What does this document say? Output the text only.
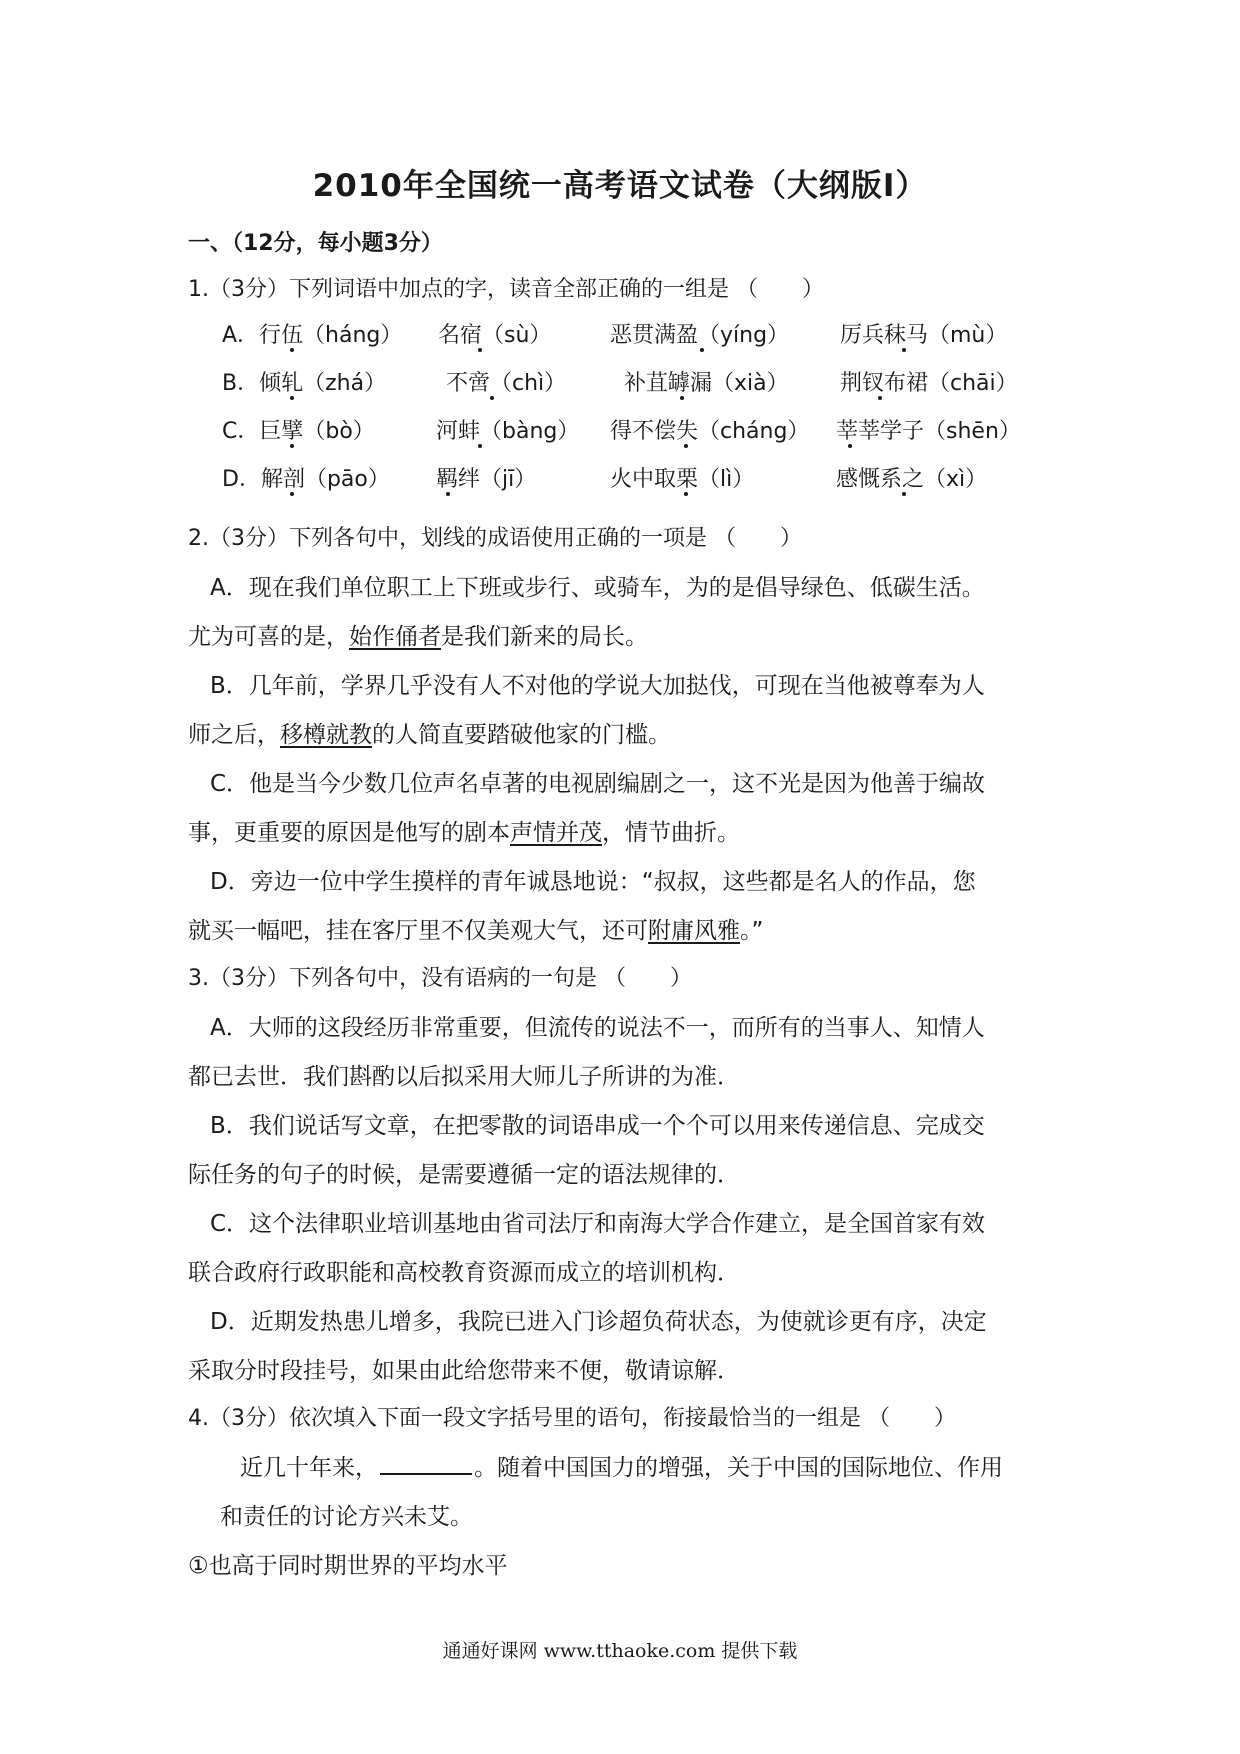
2010年全国统一高考语文试卷（大纲版Ⅰ）
一、（12分，每小题3分）
1.（3分）下列词语中加点的字，读音全部正确的一组是 （　　）
A．行伍（háng） 名宿（sù）	恶贯满盈（yíng） 厉兵秣马（mù）
B．倾轧（zhá）	不啻（chì）	补苴罅漏（xià） 荆钗布裙（chāi）
C．巨擘（bò）	河蚌（bàng） 得不偿失（cháng） 莘莘学子（shēn）
D．解剖（pāo） 羁绊（jī）	火中取栗（lì）	感慨系之（xì）
2.（3分）下列各句中，划线的成语使用正确的一项是 （　　）
A．现在我们单位职工上下班或步行、或骑车，为的是倡导绿色、低碳生活。
尤为可喜的是，始作俑者是我们新来的局长。
B．几年前，学界几乎没有人不对他的学说大加挞伐，可现在当他被尊奉为人
师之后，移樽就教的人简直要踏破他家的门槛。
C．他是当今少数几位声名卓著的电视剧编剧之一，这不光是因为他善于编故
事，更重要的原因是他写的剧本声情并茂，情节曲折。
D．旁边一位中学生摸样的青年诚恳地说：“叔叔，这些都是名人的作品，您
就买一幅吧，挂在客厅里不仅美观大气，还可附庸风雅。”
3.（3分）下列各句中，没有语病的一句是 （　　）
A．大师的这段经历非常重要，但流传的说法不一，而所有的当事人、知情人
都已去世．我们斟酌以后拟采用大师儿子所讲的为准．
B．我们说话写文章，在把零散的词语串成一个个可以用来传递信息、完成交
际任务的句子的时候，是需要遵循一定的语法规律的．
C．这个法律职业培训基地由省司法厅和南海大学合作建立，是全国首家有效
联合政府行政职能和高校教育资源而成立的培训机构．
D．近期发热患儿增多，我院已进入门诊超负荷状态，为使就诊更有序，决定
采取分时段挂号，如果由此给您带来不便，敬请谅解．
4.（3分）依次填入下面一段文字括号里的语句，衔接最恰当的一组是 （　　）
近几十年来，	。随着中国国力的增强，关于中国的国际地位、作用
和责任的讨论方兴未艾。
①也高于同时期世界的平均水平
通通好课网 www.tthaoke.com 提供下载
